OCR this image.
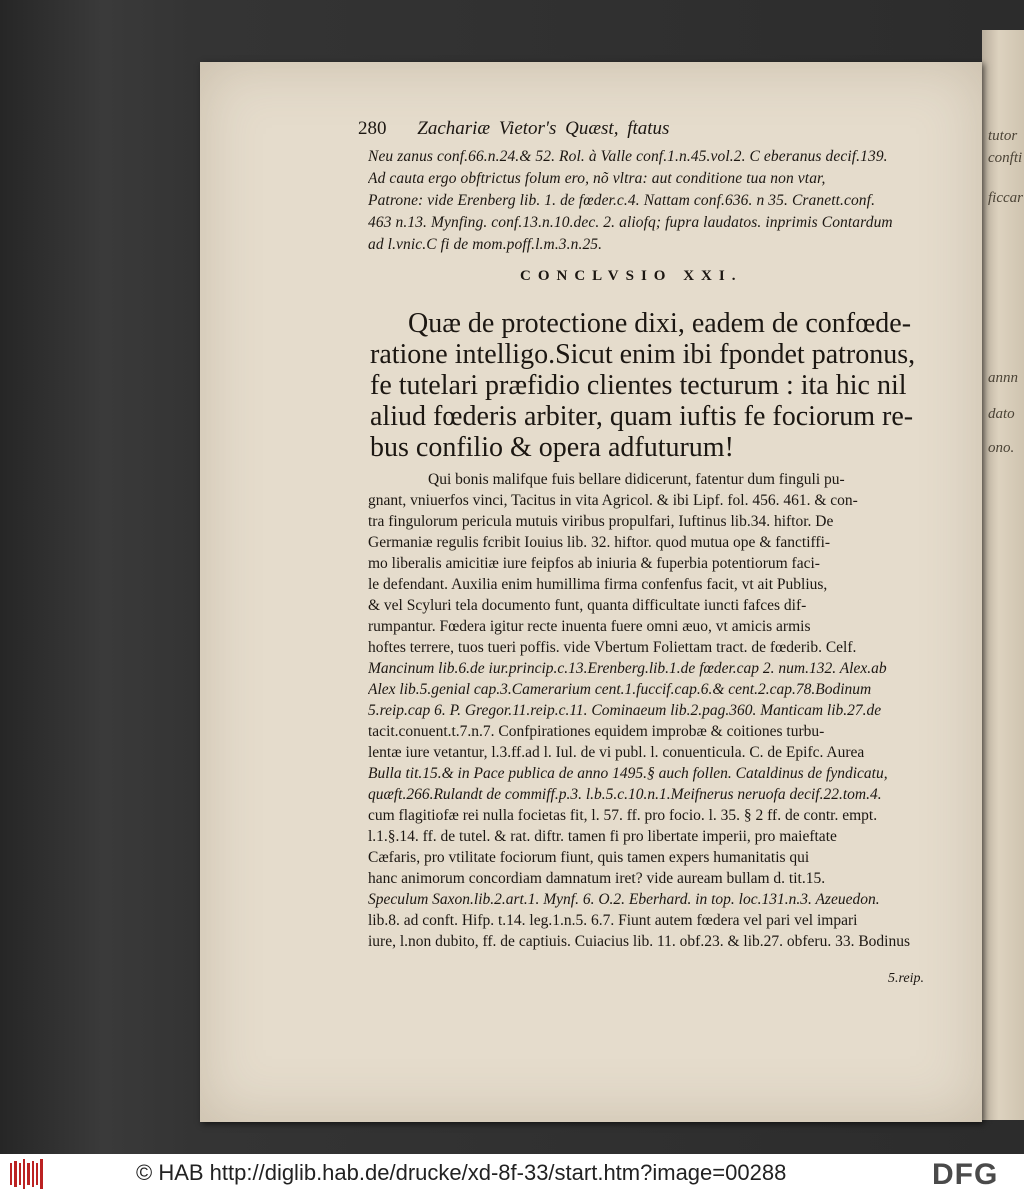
tutor
confti
ficcar
annn
dato
ono.
280 Zachariæ Vietor's Quæst, ftatus
Neu zanus conf.66.n.24.& 52. Rol. à Valle conf.1.n.45.vol.2. C eberanus decif.139.
Ad cauta ergo obftrictus folum ero, nõ vltra: aut conditione tua non vtar,
Patrone: vide Erenberg lib. 1. de fœder.c.4. Nattam conf.636. n 35. Cranett.conf.
463 n.13. Mynfing. conf.13.n.10.dec. 2. aliofq; fupra laudatos. inprimis Contardum
ad l.vnic.C fi de mom.poff.l.m.3.n.25.
CONCLVSIO XXI.
Quæ de protectione dixi, eadem de confœde-
ratione intelligo.Sicut enim ibi fpondet patronus,
fe tutelari præfidio clientes tecturum : ita hic nil
aliud fœderis arbiter, quam iuftis fe fociorum re-
bus confilio & opera adfuturum!
Qui bonis malifque fuis bellare didicerunt, fatentur dum finguli pu-
gnant, vniuerfos vinci, Tacitus in vita Agricol. & ibi Lipf. fol. 456. 461. & con-
tra fingulorum pericula mutuis viribus propulfari, Iuftinus lib.34. hiftor. De
Germaniæ regulis fcribit Iouius lib. 32. hiftor. quod mutua ope & fanctiffi-
mo liberalis amicitiæ iure feipfos ab iniuria & fuperbia potentiorum faci-
le defendant. Auxilia enim humillima firma confenfus facit, vt ait Publius,
& vel Scyluri tela documento funt, quanta difficultate iuncti fafces dif-
rumpantur. Fœdera igitur recte inuenta fuere omni æuo, vt amicis armis
hoftes terrere, tuos tueri poffis. vide Vbertum Foliettam tract. de fœderib. Celf.
Mancinum lib.6.de iur.princip.c.13.Erenberg.lib.1.de fœder.cap 2. num.132. Alex.ab
Alex lib.5.genial cap.3.Camerarium cent.1.fuccif.cap.6.& cent.2.cap.78.Bodinum
5.reip.cap 6. P. Gregor.11.reip.c.11. Cominaeum lib.2.pag.360. Manticam lib.27.de
tacit.conuent.t.7.n.7. Confpirationes equidem improbæ & coitiones turbu-
lentæ iure vetantur, l.3.ff.ad l. Iul. de vi publ. l. conuenticula. C. de Epifc. Aurea
Bulla tit.15.& in Pace publica de anno 1495.§ auch follen. Cataldinus de fyndicatu,
quæft.266.Rulandt de commiff.p.3. l.b.5.c.10.n.1.Meifnerus neruofa decif.22.tom.4.
cum flagitiofæ rei nulla focietas fit, l. 57. ff. pro focio. l. 35. § 2 ff. de contr. empt.
l.1.§.14. ff. de tutel. & rat. diftr. tamen fi pro libertate imperii, pro maieftate
Cæfaris, pro vtilitate fociorum fiunt, quis tamen expers humanitatis qui
hanc animorum concordiam damnatum iret? vide auream bullam d. tit.15.
Speculum Saxon.lib.2.art.1. Mynf. 6. O.2. Eberhard. in top. loc.131.n.3. Azeuedon.
lib.8. ad conft. Hifp. t.14. leg.1.n.5. 6.7. Fiunt autem fœdera vel pari vel impari
iure, l.non dubito, ff. de captiuis. Cuiacius lib. 11. obf.23. & lib.27. obferu. 33. Bodinus
5.reip.
© HAB http://diglib.hab.de/drucke/xd-8f-33/start.htm?image=00288	DFG
